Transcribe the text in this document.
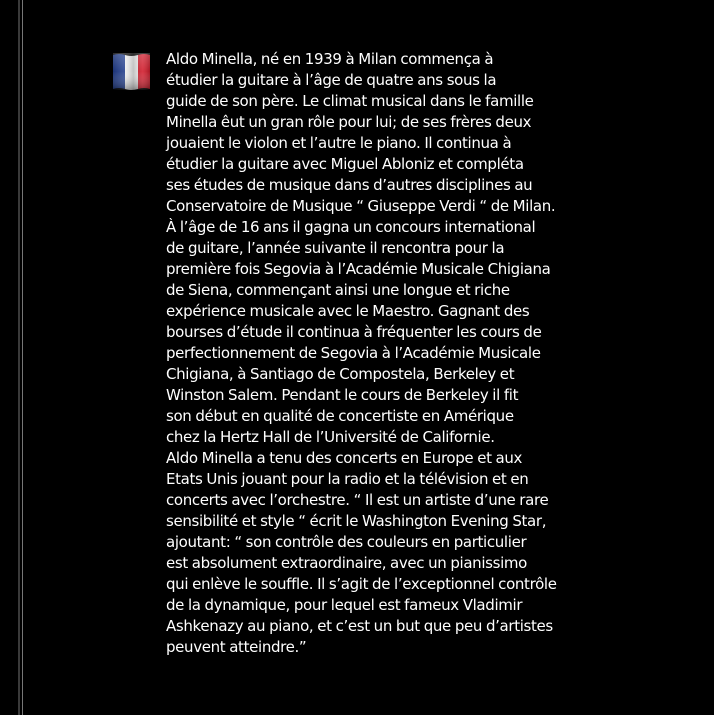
Aldo Minella, né en 1939 à Milan commença à
étudier la guitare à l’âge de quatre ans sous la
guide de son père. Le climat musical dans le famille
Minella êut un gran rôle pour lui; de ses frères deux
jouaient le violon et l’autre le piano. Il continua à
étudier la guitare avec Miguel Abloniz et compléta
ses études de musique dans d’autres disciplines au
Conservatoire de Musique “ Giuseppe Verdi “ de Milan.
À l’âge de 16 ans il gagna un concours international
de guitare, l’année suivante il rencontra pour la
première fois Segovia à l’Académie Musicale Chigiana
de Siena, commençant ainsi une longue et riche
expérience musicale avec le Maestro. Gagnant des
bourses d’étude il continua à fréquenter les cours de
perfectionnement de Segovia à l’Académie Musicale
Chigiana, à Santiago de Compostela, Berkeley et
Winston Salem. Pendant le cours de Berkeley il fit
son début en qualité de concertiste en Amérique
chez la Hertz Hall de l’Université de Californie.
Aldo Minella a tenu des concerts en Europe et aux
Etats Unis jouant pour la radio et la télévision et en
concerts avec l’orchestre. “ Il est un artiste d’une rare
sensibilité et style “ écrit le Washington Evening Star,
ajoutant: “ son contrôle des couleurs en particulier
est absolument extraordinaire, avec un pianissimo
qui enlève le souffle. Il s’agit de l’exceptionnel contrôle
de la dynamique, pour lequel est fameux Vladimir
Ashkenazy au piano, et c’est un but que peu d’artistes
peuvent atteindre.”
